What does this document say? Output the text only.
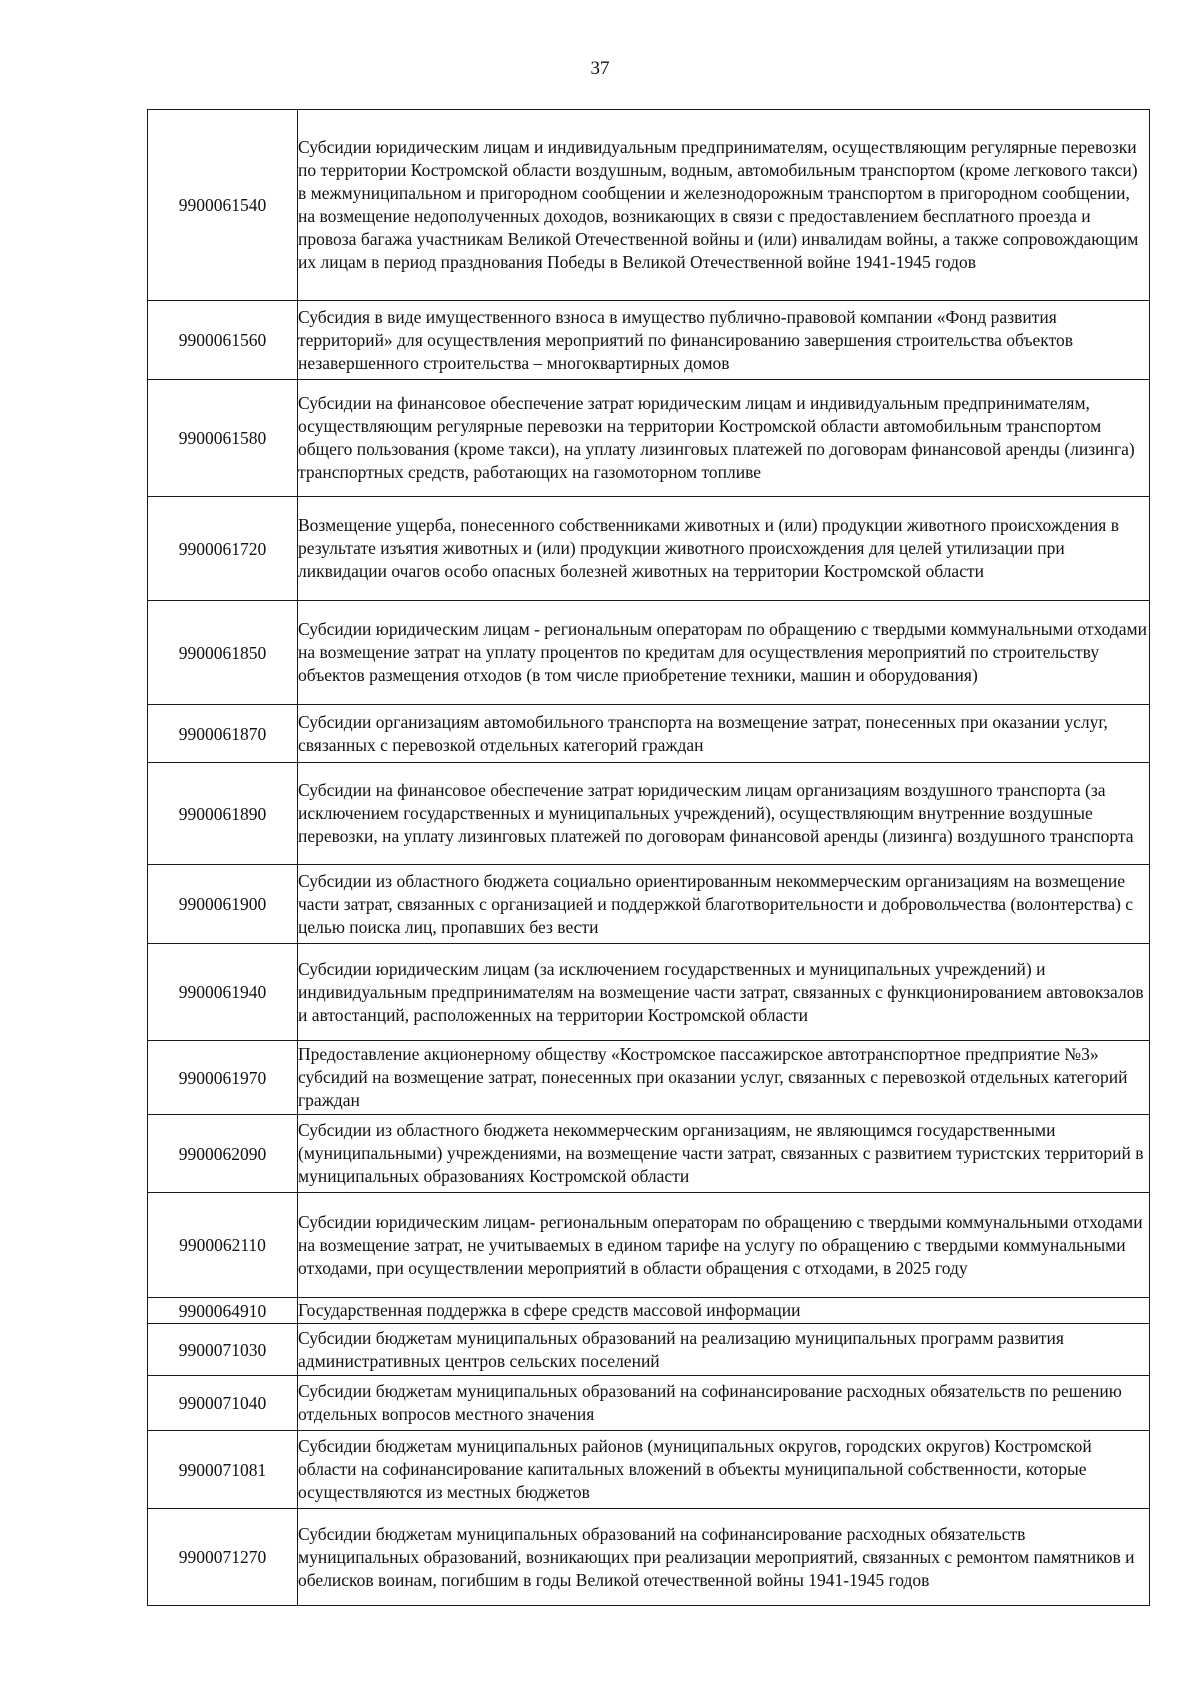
37
9900061540	Субсидии юридическим лицам и индивидуальным предпринимателям, осуществляющим регулярные перевозки по территории Костромской области воздушным, водным, автомобильным транспортом (кроме легкового такси) в межмуниципальном и пригородном сообщении и железнодорожным транспортом в пригородном сообщении, на возмещение недополученных доходов, возникающих в связи с предоставлением бесплатного проезда и провоза багажа участникам Великой Отечественной войны и (или) инвалидам войны, а также сопровождающим их лицам в период празднования Победы в Великой Отечественной войне 1941-1945 годов
9900061560	Субсидия в виде имущественного взноса в имущество публично-правовой компании «Фонд развития территорий» для осуществления мероприятий по финансированию завершения строительства объектов незавершенного строительства – многоквартирных домов
9900061580	Субсидии на финансовое обеспечение затрат юридическим лицам и индивидуальным предпринимателям, осуществляющим регулярные перевозки на территории Костромской области автомобильным транспортом общего пользования (кроме такси), на уплату лизинговых платежей по договорам финансовой аренды (лизинга) транспортных средств, работающих на газомоторном топливе
9900061720	Возмещение ущерба, понесенного собственниками животных и (или) продукции животного происхождения в результате изъятия животных и (или) продукции животного происхождения для целей утилизации при ликвидации очагов особо опасных болезней животных на территории Костромской области
9900061850	Субсидии юридическим лицам - региональным операторам по обращению с твердыми коммунальными отходами на возмещение затрат на уплату процентов по кредитам для осуществления мероприятий по строительству объектов размещения отходов (в том числе приобретение техники, машин и оборудования)
9900061870	Субсидии организациям автомобильного транспорта на возмещение затрат, понесенных при оказании услуг, связанных с перевозкой отдельных категорий граждан
9900061890	Субсидии на финансовое обеспечение затрат юридическим лицам организациям воздушного транспорта (за исключением государственных и муниципальных учреждений), осуществляющим внутренние воздушные перевозки, на уплату лизинговых платежей по договорам финансовой аренды (лизинга) воздушного транспорта
9900061900	Субсидии из областного бюджета социально ориентированным некоммерческим организациям на возмещение части затрат, связанных с организацией и поддержкой благотворительности и добровольчества (волонтерства) с целью поиска лиц, пропавших без вести
9900061940	Субсидии юридическим лицам (за исключением государственных и муниципальных учреждений) и индивидуальным предпринимателям на возмещение части затрат, связанных с функционированием автовокзалов и автостанций, расположенных на территории Костромской области
9900061970	Предоставление акционерному обществу «Костромское пассажирское автотранспортное предприятие №3» субсидий на возмещение затрат, понесенных при оказании услуг, связанных с перевозкой отдельных категорий граждан
9900062090	Субсидии из областного бюджета некоммерческим организациям, не являющимся государственными (муниципальными) учреждениями, на возмещение части затрат, связанных с развитием туристских территорий в муниципальных образованиях Костромской области
9900062110	Субсидии юридическим лицам- региональным операторам по обращению с твердыми коммунальными отходами на возмещение затрат, не учитываемых в едином тарифе на услугу по обращению с твердыми коммунальными отходами, при осуществлении мероприятий в области обращения с отходами, в 2025 году
9900064910	Государственная поддержка в сфере средств массовой информации
9900071030	Субсидии бюджетам муниципальных образований на реализацию муниципальных программ развития административных центров сельских поселений
9900071040	Субсидии бюджетам муниципальных образований на софинансирование расходных обязательств по решению отдельных вопросов местного значения
9900071081	Субсидии бюджетам муниципальных районов (муниципальных округов, городских округов) Костромской области на софинансирование капитальных вложений в объекты муниципальной собственности, которые осуществляются из местных бюджетов
9900071270	Субсидии бюджетам муниципальных образований на софинансирование расходных обязательств муниципальных образований, возникающих при реализации мероприятий, связанных с ремонтом памятников и обелисков воинам, погибшим в годы Великой отечественной войны 1941-1945 годов
